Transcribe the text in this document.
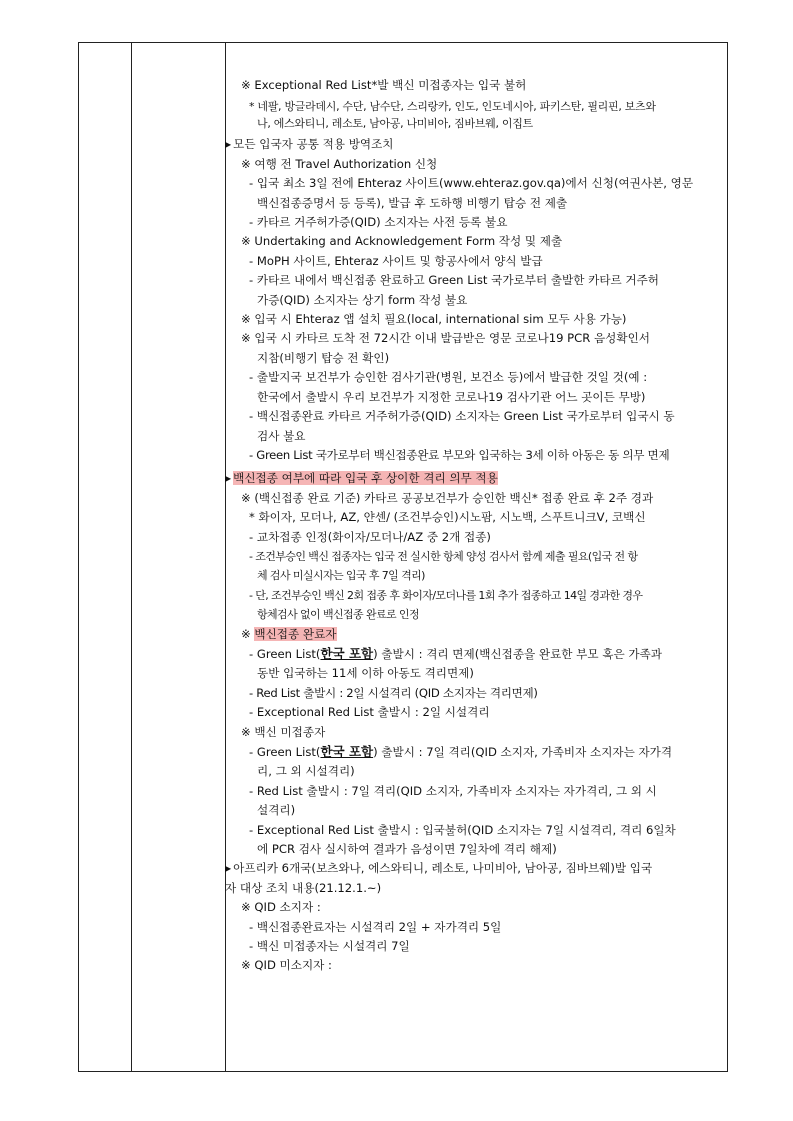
※ Exceptional Red List*발 백신 미접종자는 입국 불허
* 네팔, 방글라데시, 수단, 남수단, 스리랑카, 인도, 인도네시아, 파키스탄, 필리핀, 보츠와
나, 에스와티니, 레소토, 남아공, 나미비아, 짐바브웨, 이집트
▶ 모든 입국자 공통 적용 방역조치
※ 여행 전 Travel Authorization 신청
- 입국 최소 3일 전에 Ehteraz 사이트(www.ehteraz.gov.qa)에서 신청(여권사본, 영문
백신접종증명서 등 등록), 발급 후 도하행 비행기 탑승 전 제출
- 카타르 거주허가증(QID) 소지자는 사전 등록 불요
※ Undertaking and Acknowledgement Form 작성 및 제출
- MoPH 사이트, Ehteraz 사이트 및 항공사에서 양식 발급
- 카타르 내에서 백신접종 완료하고 Green List 국가로부터 출발한 카타르 거주허
가증(QID) 소지자는 상기 form 작성 불요
※ 입국 시 Ehteraz 앱 설치 필요(local, international sim 모두 사용 가능)
※ 입국 시 카타르 도착 전 72시간 이내 발급받은 영문 코로나19 PCR 음성확인서
지참(비행기 탑승 전 확인)
- 출발지국 보건부가 승인한 검사기관(병원, 보건소 등)에서 발급한 것일 것(예 :
한국에서 출발시 우리 보건부가 지정한 코로나19 검사기관 어느 곳이든 무방)
- 백신접종완료 카타르 거주허가증(QID) 소지자는 Green List 국가로부터 입국시 동
검사 불요
- Green List 국가로부터 백신접종완료 부모와 입국하는 3세 이하 아동은 동 의무 면제
▶ 백신접종 여부에 따라 입국 후 상이한 격리 의무 적용
※ (백신접종 완료 기준) 카타르 공공보건부가 승인한 백신* 접종 완료 후 2주 경과
* 화이자, 모더나, AZ, 얀센/ (조건부승인)시노팜, 시노백, 스푸트니크V, 코백신
- 교차접종 인정(화이자/모더나/AZ 중 2개 접종)
- 조건부승인 백신 접종자는 입국 전 실시한 항체 양성 검사서 함께 제출 필요(입국 전 항
체 검사 미실시자는 입국 후 7일 격리)
- 단, 조건부승인 백신 2회 접종 후 화이자/모더나를 1회 추가 접종하고 14일 경과한 경우
항체검사 없이 백신접종 완료로 인정
※ 백신접종 완료자
- Green List(한국 포함) 출발시 : 격리 면제(백신접종을 완료한 부모 혹은 가족과
동반 입국하는 11세 이하 아동도 격리면제)
- Red List 출발시 : 2일 시설격리 (QID 소지자는 격리면제)
- Exceptional Red List 출발시 : 2일 시설격리
※ 백신 미접종자
- Green List(한국 포함) 출발시 : 7일 격리(QID 소지자, 가족비자 소지자는 자가격
리, 그 외 시설격리)
- Red List 출발시 : 7일 격리(QID 소지자, 가족비자 소지자는 자가격리, 그 외 시
설격리)
- Exceptional Red List 출발시 : 입국불허(QID 소지자는 7일 시설격리, 격리 6일차
에 PCR 검사 실시하여 결과가 음성이면 7일차에 격리 해제)
▶ 아프리카 6개국(보츠와나, 에스와티니, 레소토, 나미비아, 남아공, 짐바브웨)발 입국
자 대상 조치 내용(21.12.1.~)
※ QID 소지자 :
- 백신접종완료자는 시설격리 2일 + 자가격리 5일
- 백신 미접종자는 시설격리 7일
※ QID 미소지자 :
